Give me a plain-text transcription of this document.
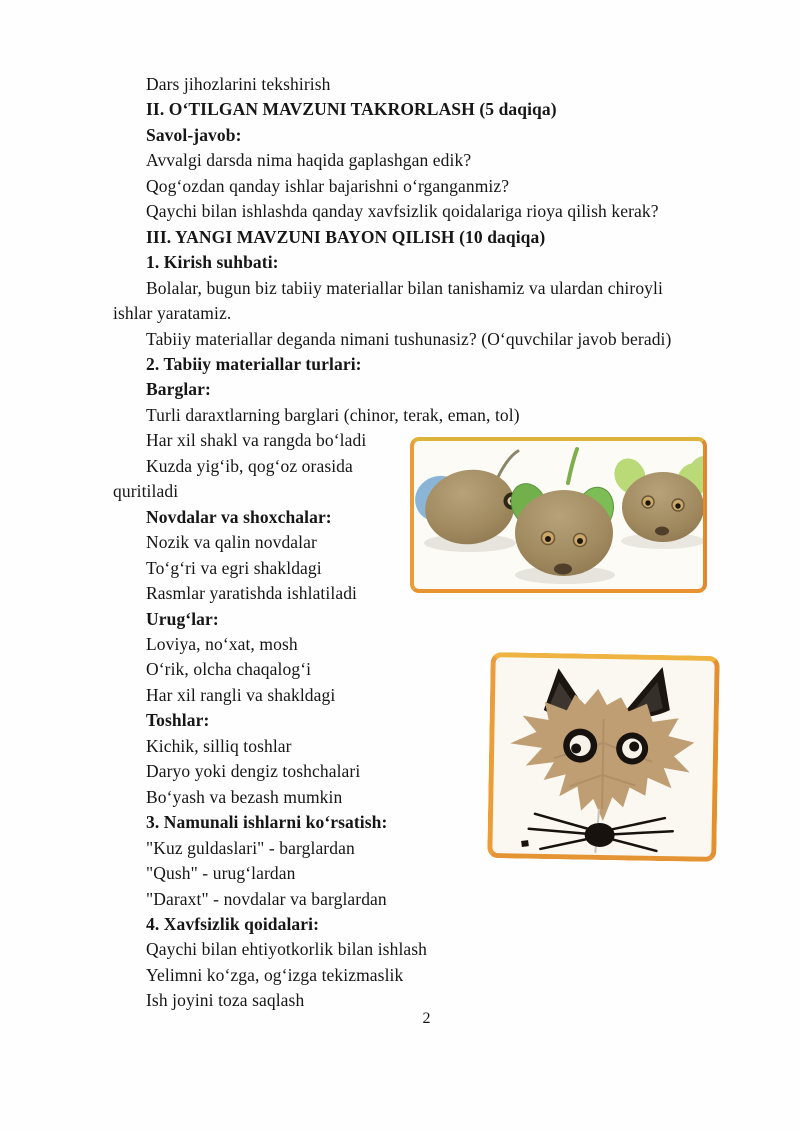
Dars jihozlarini tekshirish
II. O‘TILGAN MAVZUNI TAKRORLASH (5 daqiqa)
Savol-javob:
Avvalgi darsda nima haqida gaplashgan edik?
Qog‘ozdan qanday ishlar bajarishni o‘rganganmiz?
Qaychi bilan ishlashda qanday xavfsizlik qoidalariga rioya qilish kerak?
III. YANGI MAVZUNI BAYON QILISH (10 daqiqa)
1. Kirish suhbati:
Bolalar, bugun biz tabiiy materiallar bilan tanishamiz va ulardan chiroyli
ishlar yaratamiz.
Tabiiy materiallar deganda nimani tushunasiz? (O‘quvchilar javob beradi)
2. Tabiiy materiallar turlari:
Barglar:
Turli daraxtlarning barglari (chinor, terak, eman, tol)
Har xil shakl va rangda bo‘ladi
Kuzda yig‘ib, qog‘oz orasida
quritiladi
Novdalar va shoxchalar:
Nozik va qalin novdalar
To‘g‘ri va egri shakldagi
Rasmlar yaratishda ishlatiladi
Urug‘lar:
Loviya, no‘xat, mosh
O‘rik, olcha chaqalog‘i
Har xil rangli va shakldagi
Toshlar:
Kichik, silliq toshlar
Daryo yoki dengiz toshchalari
Bo‘yash va bezash mumkin
3. Namunali ishlarni ko‘rsatish:
"Kuz guldaslari" - barglardan
"Qush" - urug‘lardan
"Daraxt" - novdalar va barglardan
4. Xavfsizlik qoidalari:
Qaychi bilan ehtiyotkorlik bilan ishlash
Yelimni ko‘zga, og‘izga tekizmaslik
Ish joyini toza saqlash
2
